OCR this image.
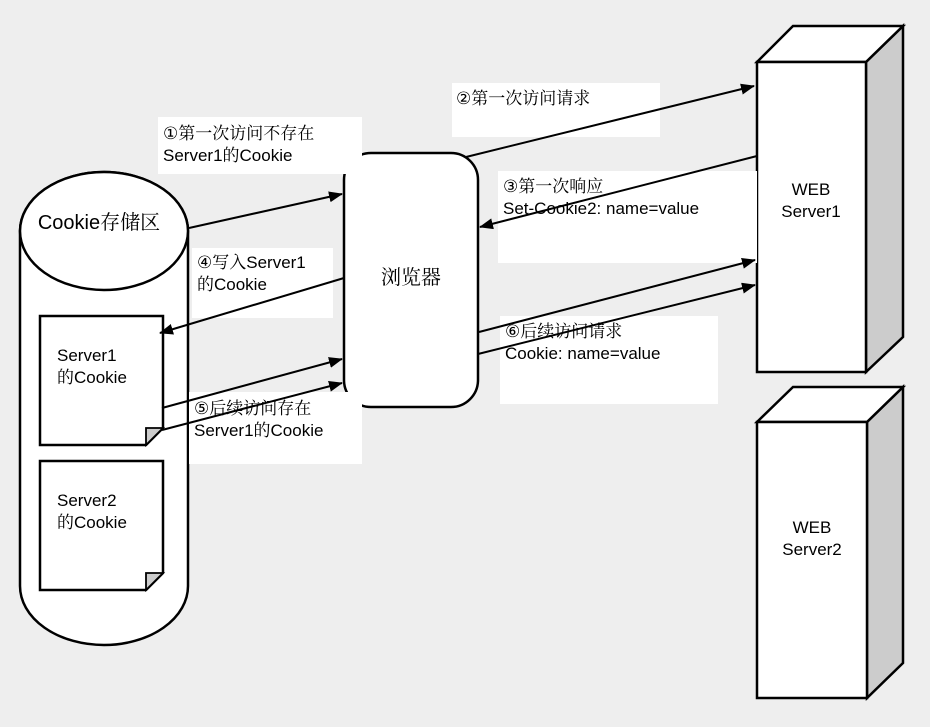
Cookie存储区
浏览器
Server1
的Cookie
Server2
的Cookie
WEB
Server1
WEB
Server2
①第一次访问不存在
Server1的Cookie
②第一次访问请求
③第一次响应
Set-Cookie2: name=value
④写入Server1
的Cookie
⑤后续访问存在
Server1的Cookie
⑥后续访问请求
Cookie: name=value
